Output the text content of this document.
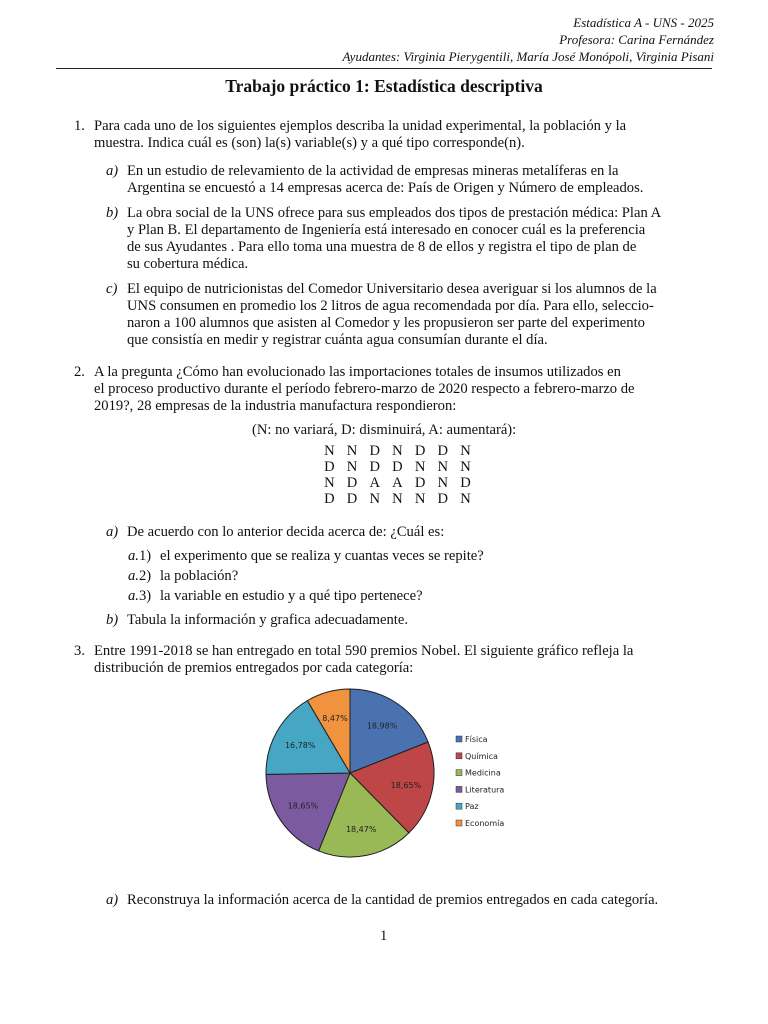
Estadística A - UNS - 2025
Profesora: Carina Fernández
Ayudantes: Virginia Pierygentili, María José Monópoli, Virginia Pisani
Trabajo práctico 1: Estadística descriptiva
1. Para cada uno de los siguientes ejemplos describa la unidad experimental, la población y la
muestra. Indica cuál es (son) la(s) variable(s) y a qué tipo corresponde(n).
a) En un estudio de relevamiento de la actividad de empresas mineras metalíferas en la
Argentina se encuestó a 14 empresas acerca de: País de Origen y Número de empleados.
b) La obra social de la UNS ofrece para sus empleados dos tipos de prestación médica: Plan A
y Plan B. El departamento de Ingeniería está interesado en conocer cuál es la preferencia
de sus Ayudantes . Para ello toma una muestra de 8 de ellos y registra el tipo de plan de
su cobertura médica.
c) El equipo de nutricionistas del Comedor Universitario desea averiguar si los alumnos de la
UNS consumen en promedio los 2 litros de agua recomendada por día. Para ello, seleccio-
naron a 100 alumnos que asisten al Comedor y les propusieron ser parte del experimento
que consistía en medir y registrar cuánta agua consumían durante el día.
2. A la pregunta ¿Cómo han evolucionado las importaciones totales de insumos utilizados en
el proceso productivo durante el período febrero-marzo de 2020 respecto a febrero-marzo de
2019?, 28 empresas de la industria manufactura respondieron:
(N: no variará, D: disminuirá, A: aumentará):
N	N	D	N	D	D	N
D	N	D	D	N	N	N
N	D	A	A	D	N	D
D	D	N	N	N	D	N
a) De acuerdo con lo anterior decida acerca de: ¿Cuál es:
a.1) el experimento que se realiza y cuantas veces se repite?
a.2) la población?
a.3) la variable en estudio y a qué tipo pertenece?
b) Tabula la información y grafica adecuadamente.
3. Entre 1991-2018 se han entregado en total 590 premios Nobel. El siguiente gráfico refleja la
distribución de premios entregados por cada categoría:
18,98%
18,65%
18,47%
18,65%
16,78%
8,47%
Física
Química
Medicina
Literatura
Paz
Economía
a) Reconstruya la información acerca de la cantidad de premios entregados en cada categoría.
1
